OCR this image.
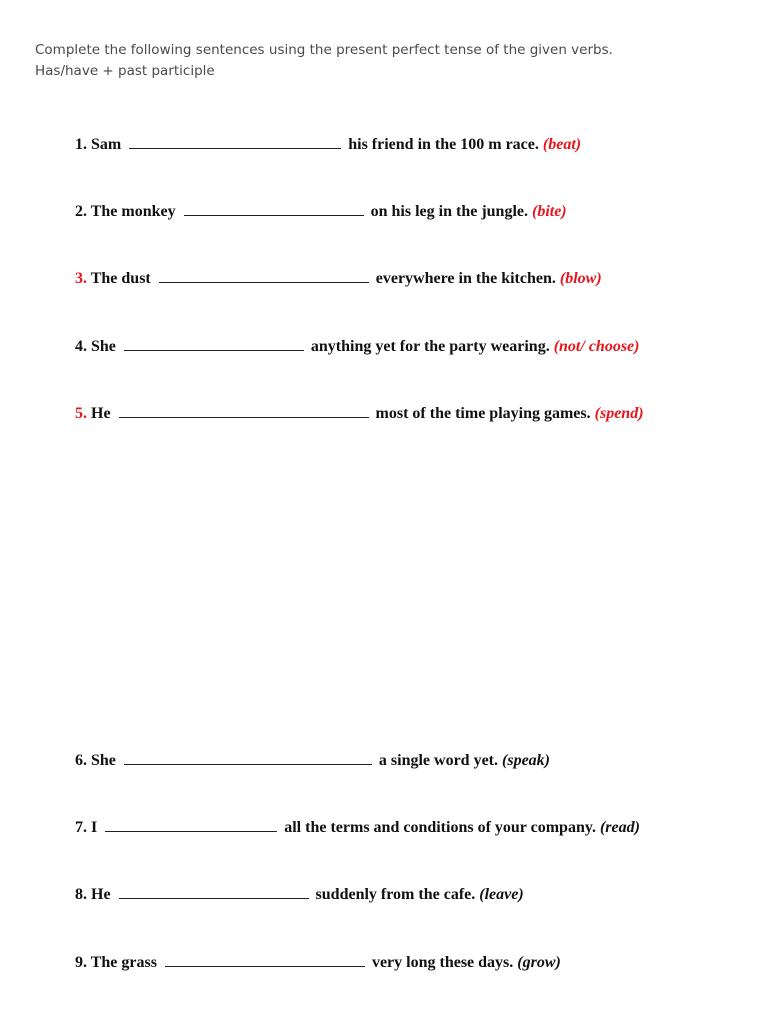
Complete the following sentences using the present perfect tense of the given verbs.
Has/have + past participle
1. Sam	his friend in the 100 m race. (beat)
2. The monkey	on his leg in the jungle. (bite)
3. The dust	everywhere in the kitchen. (blow)
4. She	anything yet for the party wearing. (not/ choose)
5. He	most of the time playing games. (spend)
6. She	a single word yet. (speak)
7. I	all the terms and conditions of your company. (read)
8. He	suddenly from the cafe. (leave)
9. The grass	very long these days. (grow)
